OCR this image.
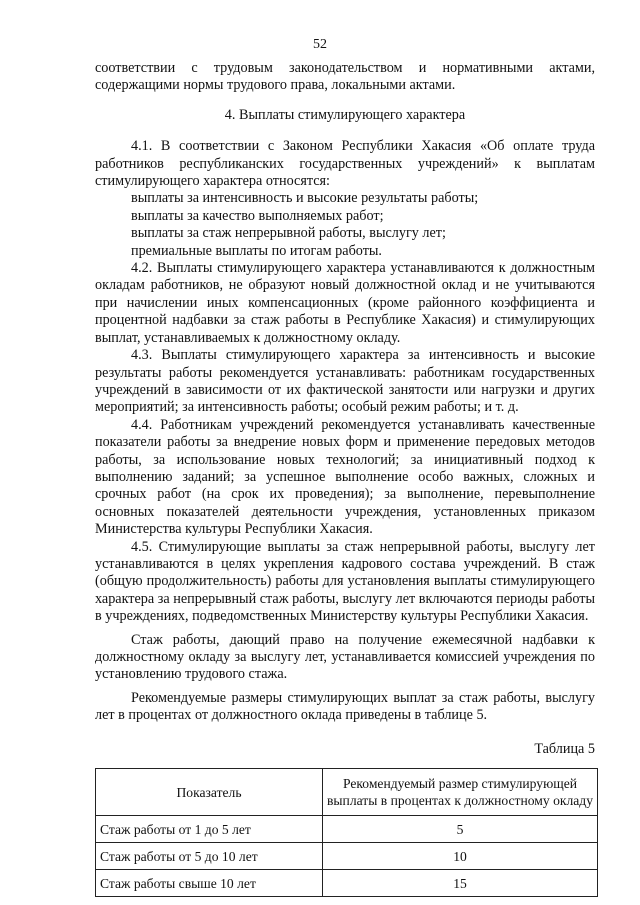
52

соответствии с трудовым законодательством и нормативными актами, содержащими нормы трудового права, локальными актами.

4. Выплаты стимулирующего характера

4.1. В соответствии с Законом Республики Хакасия «Об оплате труда работников республиканских государственных учреждений» к выплатам стимулирующего характера относятся:

выплаты за интенсивность и высокие результаты работы;

выплаты за качество выполняемых работ;

выплаты за стаж непрерывной работы, выслугу лет;

премиальные выплаты по итогам работы.

4.2. Выплаты стимулирующего характера устанавливаются к должностным окладам работников, не образуют новый должностной оклад и не учитываются при начислении иных компенсационных (кроме районного коэффициента и процентной надбавки за стаж работы в Республике Хакасия) и стимулирующих выплат, устанавливаемых к должностному окладу.

4.3. Выплаты стимулирующего характера за интенсивность и высокие результаты работы рекомендуется устанавливать: работникам государственных учреждений в зависимости от их фактической занятости или нагрузки и других мероприятий; за интенсивность работы; особый режим работы; и т. д.

4.4. Работникам учреждений рекомендуется устанавливать качественные показатели работы за внедрение новых форм и применение передовых методов работы, за использование новых технологий; за инициативный подход к выполнению заданий; за успешное выполнение особо важных, сложных и срочных работ (на срок их проведения); за выполнение, перевыполнение основных показателей деятельности учреждения, установленных приказом Министерства культуры Республики Хакасия.

4.5. Стимулирующие выплаты за стаж непрерывной работы, выслугу лет устанавливаются в целях укрепления кадрового состава учреждений. В стаж (общую продолжительность) работы для установления выплаты стимулирующего характера за непрерывный стаж работы, выслугу лет включаются периоды работы в учреждениях, подведомственных Министерству культуры Республики Хакасия.

Стаж работы, дающий право на получение ежемесячной надбавки к должностному окладу за выслугу лет, устанавливается комиссией учреждения по установлению трудового стажа.

Рекомендуемые размеры стимулирующих выплат за стаж работы, выслугу лет в процентах от должностного оклада приведены в таблице 5.

Таблица 5

Показатель	Рекомендуемый размер стимулирующей выплаты в процентах к должностному окладу
Стаж работы от 1 до 5 лет	5
Стаж работы от 5 до 10 лет	10
Стаж работы свыше 10 лет	15
